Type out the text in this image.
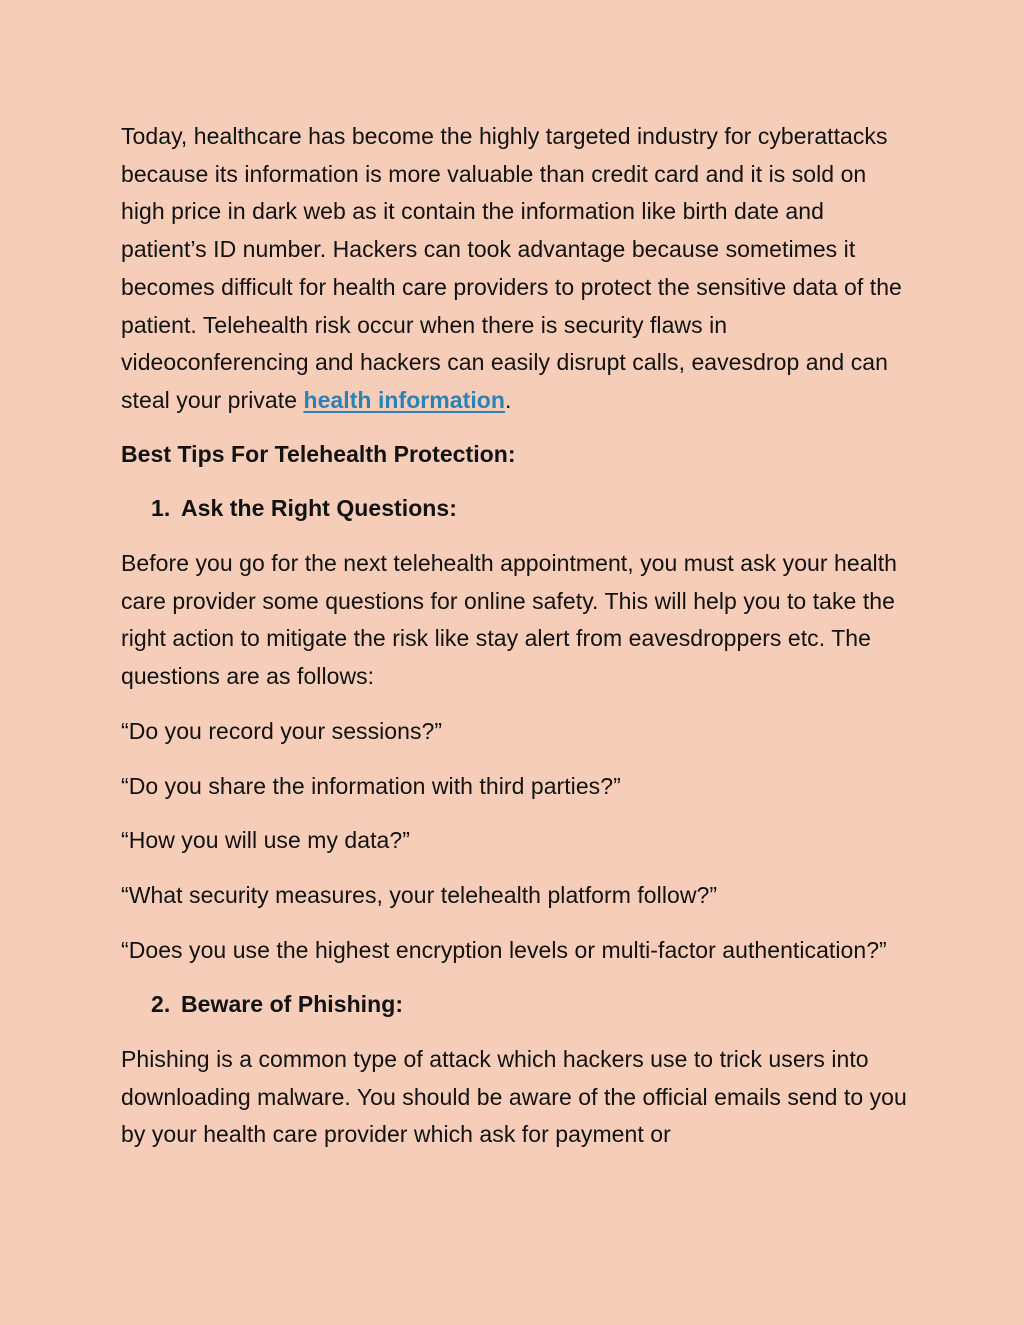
Today, healthcare has become the highly targeted industry for cyberattacks because its information is more valuable than credit card and it is sold on high price in dark web as it contain the information like birth date and patient’s ID number. Hackers can took advantage because sometimes it becomes difficult for health care providers to protect the sensitive data of the patient. Telehealth risk occur when there is security flaws in videoconferencing and hackers can easily disrupt calls, eavesdrop and can steal your private health information.

Best Tips For Telehealth Protection:

1. Ask the Right Questions:

Before you go for the next telehealth appointment, you must ask your health care provider some questions for online safety. This will help you to take the right action to mitigate the risk like stay alert from eavesdroppers etc. The questions are as follows:

“Do you record your sessions?”

“Do you share the information with third parties?”

“How you will use my data?”

“What security measures, your telehealth platform follow?”

“Does you use the highest encryption levels or multi-factor authentication?”

2. Beware of Phishing:

Phishing is a common type of attack which hackers use to trick users into downloading malware. You should be aware of the official emails send to you by your health care provider which ask for payment or
